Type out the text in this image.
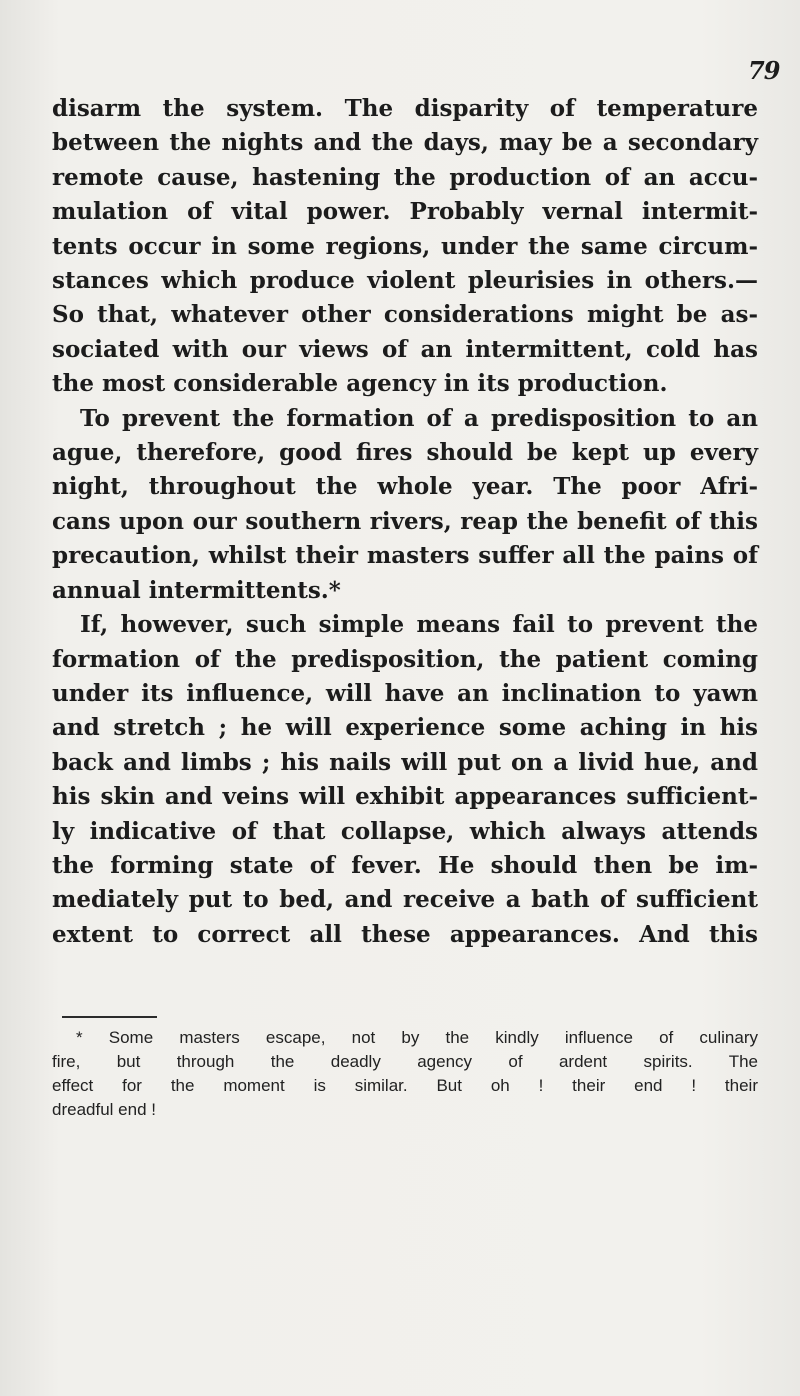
79
disarm the system. The disparity of temperature
between the nights and the days, may be a secondary
remote cause, hastening the production of an accu-
mulation of vital power. Probably vernal intermit-
tents occur in some regions, under the same circum-
stances which produce violent pleurisies in others.—
So that, whatever other considerations might be as-
sociated with our views of an intermittent, cold has
the most considerable agency in its production.
To prevent the formation of a predisposition to an
ague, therefore, good fires should be kept up every
night, throughout the whole year. The poor Afri-
cans upon our southern rivers, reap the benefit of this
precaution, whilst their masters suffer all the pains of
annual intermittents.*
If, however, such simple means fail to prevent the
formation of the predisposition, the patient coming
under its influence, will have an inclination to yawn
and stretch ; he will experience some aching in his
back and limbs ; his nails will put on a livid hue, and
his skin and veins will exhibit appearances sufficient-
ly indicative of that collapse, which always attends
the forming state of fever. He should then be im-
mediately put to bed, and receive a bath of sufficient
extent to correct all these appearances. And this
* Some masters escape, not by the kindly influence of culinary
fire, but through the deadly agency of ardent spirits. The
effect for the moment is similar. But oh ! their end ! their
dreadful end !
